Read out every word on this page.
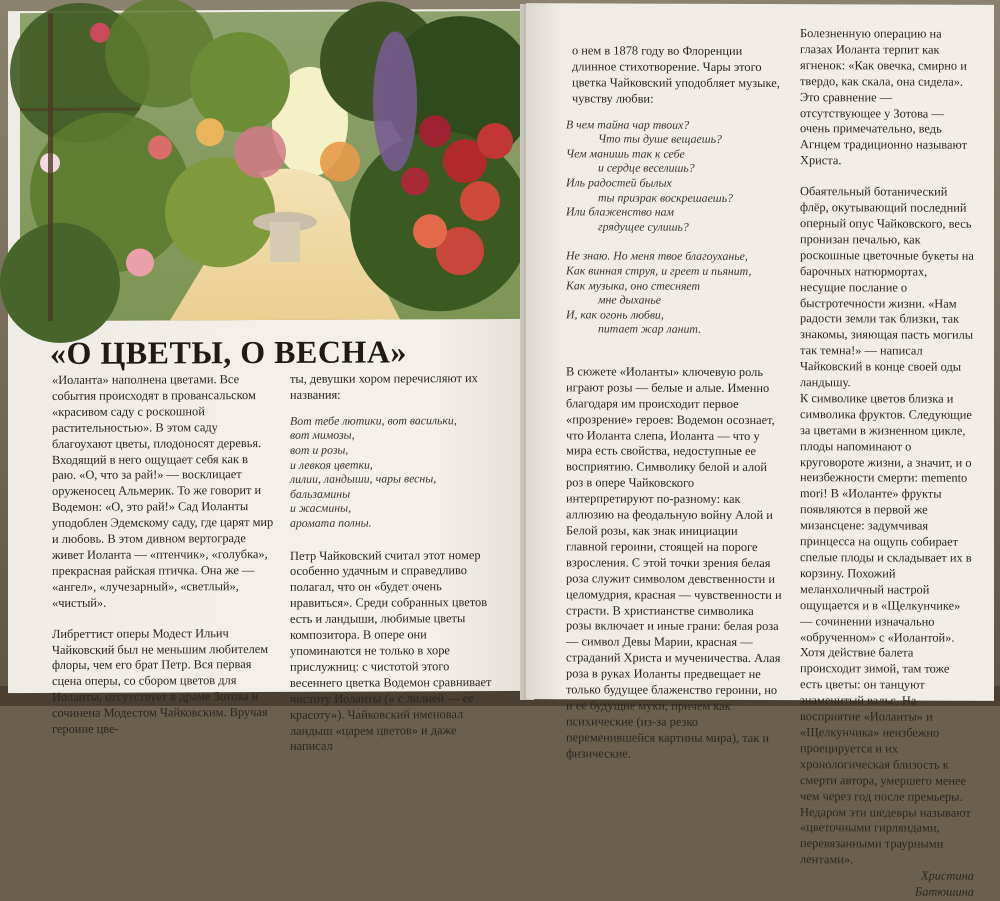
«О ЦВЕТЫ, О ВЕСНА»

«Иоланта» наполнена цветами. Все события происходят в провансальском «красивом саду с роскошной растительностью». В этом саду благоухают цветы, плодоносят деревья. Входящий в него ощущает себя как в раю. «О, что за рай!» — восклицает оруженосец Альмерик. То же говорит и Водемон: «О, это рай!» Сад Иоланты уподоблен Эдемскому саду, где царят мир и любовь. В этом дивном вертограде живет Иоланта — «птенчик», «голубка», прекрасная райская птичка. Она же — «ангел», «лучезарный», «светлый», «чистый».

Либреттист оперы Модест Ильич Чайковский был не меньшим любителем флоры, чем его брат Петр. Вся первая сцена оперы, со сбором цветов для Иоланты, отсутствует в драме Зотова и сочинена Модестом Чайковским. Вручая героине цве-

ты, девушки хором перечисляют их названия:

Вот тебе лютики, вот васильки,
вот мимозы,
вот и розы,
и левкоя цветки,
лилии, ландыши, чары весны,
бальзамины
и жасмины,
аромата полны.

Петр Чайковский считал этот номер особенно удачным и справедливо полагал, что он «будет очень нравиться». Среди собранных цветов есть и ландыши, любимые цветы композитора. В опере они упоминаются не только в хоре прислужниц: с чистотой этого весеннего цветка Водемон сравнивает чистоту Иоланты (« с лилией — ее красоту»). Чайковский именовал ландыш «царем цветов» и даже написал

о нем в 1878 году во Флоренции длинное стихотворение. Чары этого цветка Чайковский уподобляет музыке, чувству любви:

В чем тайна чар твоих?
Что ты душе вещаешь?
Чем манишь так к себе
и сердце веселишь?
Иль радостей былых
ты призрак воскрешаешь?
Или блаженство нам
грядущее сулишь?
Не знаю. Но меня твое благоуханье,
Как винная струя, и греет и пьянит,
Как музыка, оно стесняет
мне дыханье
И, как огонь любви,
питает жар ланит.

В сюжете «Иоланты» ключевую роль играют розы — белые и алые. Именно благодаря им происходит первое «прозрение» героев: Водемон осознает, что Иоланта слепа, Иоланта — что у мира есть свойства, недоступные ее восприятию. Символику белой и алой роз в опере Чайковского интерпретируют по-разному: как аллюзию на феодальную войну Алой и Белой розы, как знак инициации главной героини, стоящей на пороге взросления. С этой точки зрения белая роза служит символом девственности и целомудрия, красная — чувственности и страсти. В христианстве символика розы включает и иные грани: белая роза — символ Девы Марии, красная — страданий Христа и мученичества. Алая роза в руках Иоланты предвещает не только будущее блаженство героини, но и ее будущие муки, причем как психические (из-за резко переменившейся картины мира), так и физические.

Болезненную операцию на глазах Иоланта терпит как ягненок: «Как овечка, смирно и твердо, как скала, она сидела». Это сравнение — отсутствующее у Зотова — очень примечательно, ведь Агнцем традиционно называют Христа.

Обаятельный ботанический флёр, окутывающий последний оперный опус Чайковского, весь пронизан печалью, как роскошные цветочные букеты на барочных натюрмортах, несущие послание о быстротечности жизни. «Нам радости земли так близки, так знакомы, зияющая пасть могилы так темна!» — написал Чайковский в конце своей оды ландышу.

К символике цветов близка и символика фруктов. Следующие за цветами в жизненном цикле, плоды напоминают о круговороте жизни, а значит, и о неизбежности смерти: memento mori! В «Иоланте» фрукты появляются в первой же мизансцене: задумчивая принцесса на ощупь собирает спелые плоды и складывает их в корзину. Похожий меланхоличный настрой ощущается и в «Щелкунчике» — сочинении изначально «обрученном» с «Иолантой». Хотя действие балета происходит зимой, там тоже есть цветы: он танцуют знаменитый вальс. На восприятие «Иоланты» и «Щелкунчика» неизбежно проецируется и их хронологическая близость к смерти автора, умершего менее чем через год после премьеры. Недаром эти шедевры называют «цветочными гирляндами, перевязанными траурными лентами».

Христина
Батюшина
